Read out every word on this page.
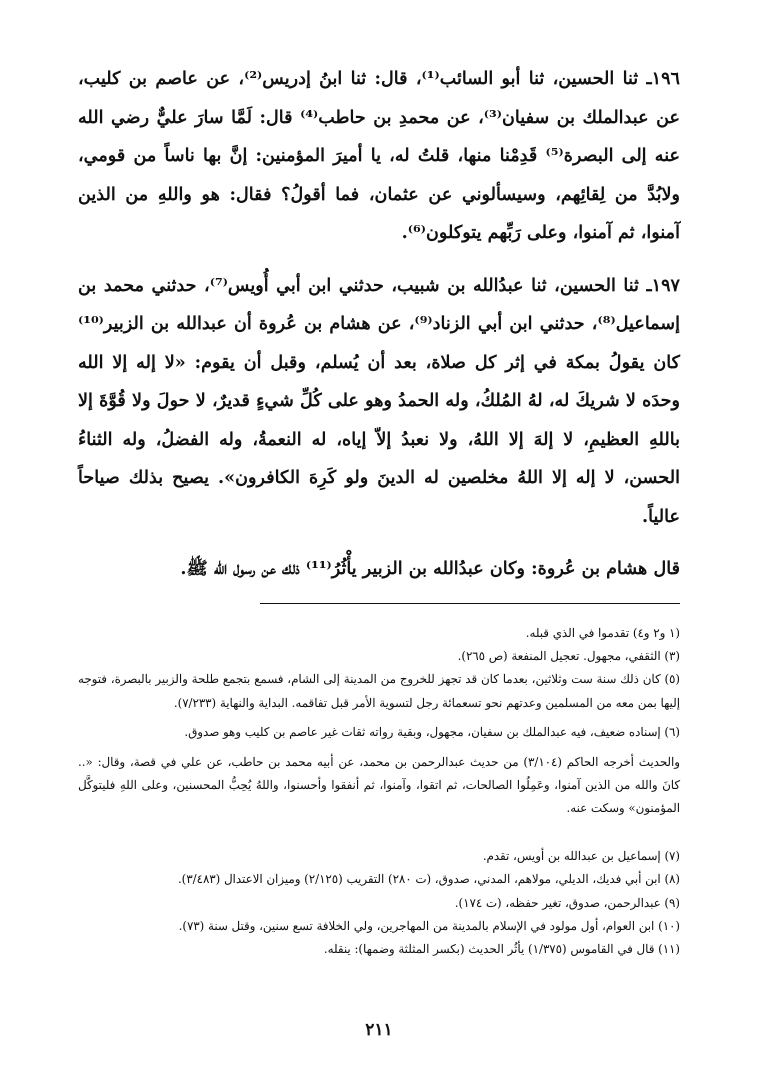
١٩٦ـ ثنا الحسين، ثنا أبو السائب⁽¹⁾، قال: ثنا ابنُ إدريس⁽²⁾، عن عاصم بن كليب، عن عبدالملك بن سفيان⁽³⁾، عن محمدِ بن حاطب⁽⁴⁾ قال: لَمَّا سارَ عليٌّ رضي الله عنه إلى البصرة⁽⁵⁾ قَدِمْنا منها، قلتُ له، يا أميرَ المؤمنين: إنَّ بها ناساً من قومي، ولابُدَّ من لِقائِهم، وسيسألوني عن عثمان، فما أقولُ؟ فقال: هو واللهِ من الذين آمنوا، ثم آمنوا، وعلى رَبِّهم يتوكلون⁽⁶⁾.

١٩٧ـ ثنا الحسين، ثنا عبدُالله بن شبيب، حدثني ابن أبي أُويس⁽⁷⁾، حدثني محمد بن إسماعيل⁽⁸⁾، حدثني ابن أبي الزناد⁽⁹⁾، عن هشام بن عُروة أن عبدالله بن الزبير⁽¹⁰⁾ كان يقولُ بمكة في إثر كل صلاة، بعد أن يُسلم، وقبل أن يقوم: «لا إله إلا الله وحدَه لا شريكَ له، لهُ المُلكُ، وله الحمدُ وهو على كُلِّ شيءٍ قديرٌ، لا حولَ ولا قُوَّةَ إلا باللهِ العظيمِ، لا إلهَ إلا اللهُ، ولا نعبدُ إلاّ إياه، له النعمةُ، وله الفضلُ، وله الثناءُ الحسن، لا إله إلا اللهُ مخلصين له الدينَ ولو كَرِهَ الكافرون». يصيح بذلك صياحاً عالياً.

قال هشام بن عُروة: وكان عبدُالله بن الزبير يأْثُرُ⁽¹¹⁾ ذلك عن رسول الله ﷺ.

(١ و٢ و٤) تقدموا في الذي قبله.

(٣) الثقفي، مجهول. تعجيل المنفعة (ص ٢٦٥).

(٥) كان ذلك سنة ست وثلاثين، بعدما كان قد تجهز للخروج من المدينة إلى الشام، فسمع بتجمع طلحة والزبير بالبصرة، فتوجه إليها بمن معه من المسلمين وعدتهم نحو تسعمائة رجل لتسوية الأمر قبل تفاقمه. البداية والنهاية (٧/٢٣٣).

(٦) إسناده ضعيف، فيه عبدالملك بن سفيان، مجهول، وبقية رواته ثقات غير عاصم بن كليب وهو صدوق.

والحديث أخرجه الحاكم (٣/١٠٤) من حديث عبدالرحمن بن محمد، عن أبيه محمد بن حاطب، عن علي في قصة، وقال: «.. كانَ والله من الذين آمنوا، وعَمِلُوا الصالحات، ثم اتقوا، وآمنوا، ثم أنفقوا وأحسنوا، واللهُ يُحِبُّ المحسنين، وعلى اللهِ فليتوكَّل المؤمنون» وسكت عنه.

(٧) إسماعيل بن عبدالله بن أويس، تقدم.

(٨) ابن أبي فديك، الديلي، مولاهم، المدني، صدوق، (ت ٢٨٠) التقريب (٢/١٢٥) وميزان الاعتدال (٣/٤٨٣).

(٩) عبدالرحمن، صدوق، تغير حفظه، (ت ١٧٤).

(١٠) ابن العوام، أول مولود في الإسلام بالمدينة من المهاجرين، ولي الخلافة تسع سنين، وقتل سنة (٧٣).

(١١) قال في القاموس (١/٣٧٥) يأثُر الحديث (بكسر المثلثة وضمها): ينقله.

٢١١
